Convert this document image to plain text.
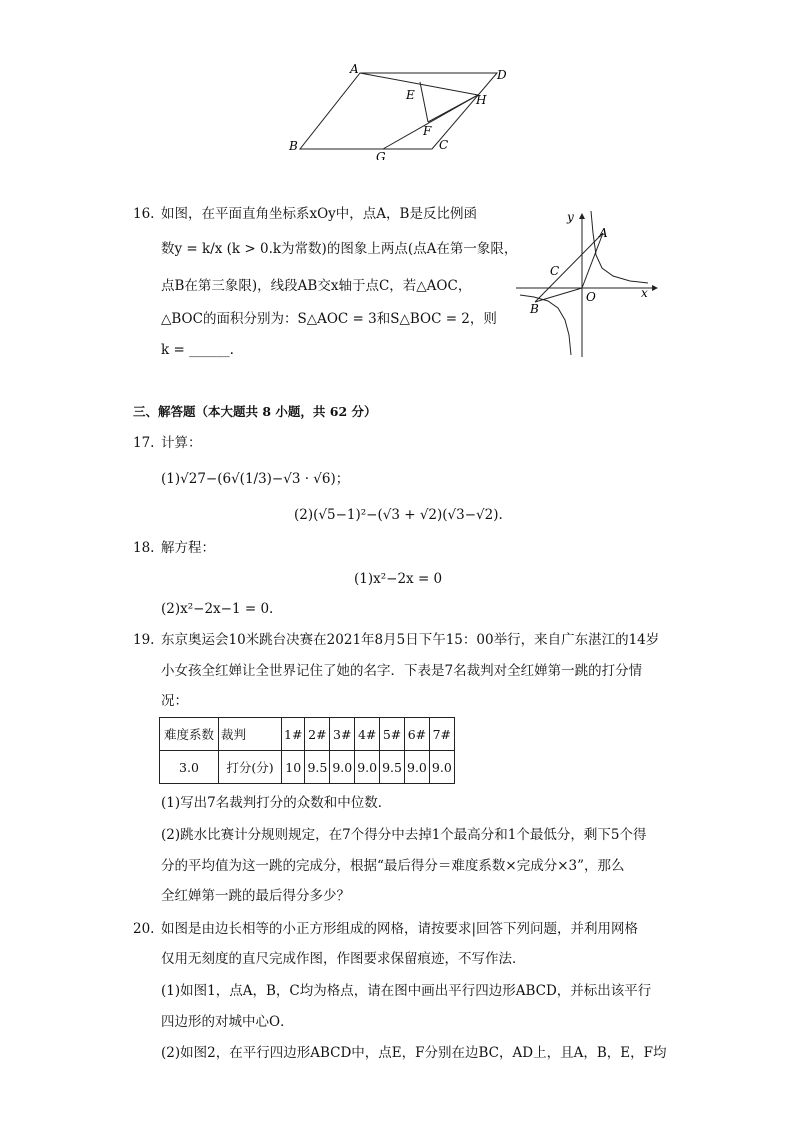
A	D
E	H
F
B
G
C
16. 如图，在平面直角坐标系xOy中，点A，B是反比例函
数y = k/x (k > 0.k为常数)的图象上两点(点A在第一象限，
点B在第三象限)，线段AB交x轴于点C，若△AOC，
△BOC的面积分别为：S△AOC = 3和S△BOC = 2，则
k = ______.
y
A
C
O	x
B
三、解答题（本大题共 8 小题，共 62 分）
17. 计算：
(1)√27−(6√(1/3)−√3 · √6)；
(2)(√5−1)²−(√3 + √2)(√3−√2).
18. 解方程：
(1)x²−2x = 0
(2)x²−2x−1 = 0.
19. 东京奥运会10米跳台决赛在2021年8月5日下午15：00举行，来自广东湛江的14岁
小女孩全红婵让全世界记住了她的名字．下表是7名裁判对全红婵第一跳的打分情
况：
难度系数	裁判	1#	2#	3#	4#	5#	6#	7#
3.0	打分(分)	10	9.5	9.0	9.0	9.5	9.0	9.0
(1)写出7名裁判打分的众数和中位数．
(2)跳水比赛计分规则规定，在7个得分中去掉1个最高分和1个最低分，剩下5个得
分的平均值为这一跳的完成分，根据“最后得分＝难度系数×完成分×3”，那么
全红婵第一跳的最后得分多少？
20. 如图是由边长相等的小正方形组成的网格，请按要求|回答下列问题，并利用网格
仅用无刻度的直尺完成作图，作图要求保留痕迹，不写作法．
(1)如图1，点A，B，C均为格点，请在图中画出平行四边形ABCD，并标出该平行
四边形的对城中心O．
(2)如图2，在平行四边形ABCD中，点E，F分别在边BC，AD上，且A，B，E，F均
